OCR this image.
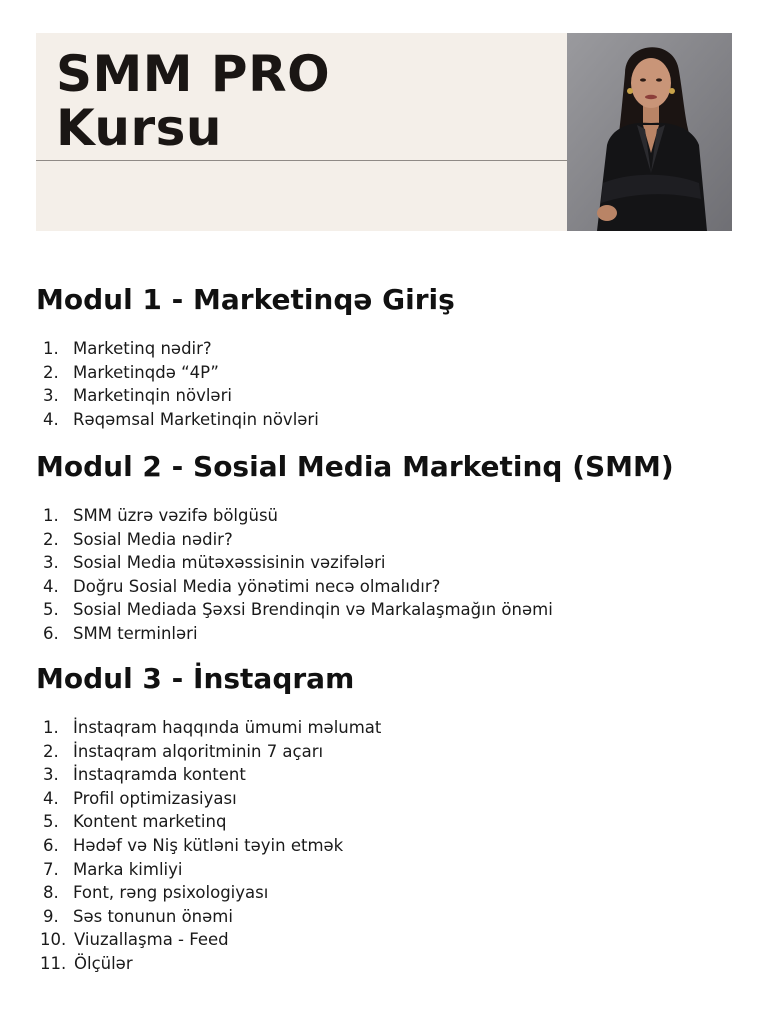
SMM PRO
Kursu
Modul 1 - Marketinqə Giriş
1. Marketinq nədir?
2. Marketinqdə “4P”
3. Marketinqin növləri
4. Rəqəmsal Marketinqin növləri
Modul 2 - Sosial Media Marketinq (SMM)
1. SMM üzrə vəzifə bölgüsü
2. Sosial Media nədir?
3. Sosial Media mütəxəssisinin vəzifələri
4. Doğru Sosial Media yönətimi necə olmalıdır?
5. Sosial Mediada Şəxsi Brendinqin və Markalaşmağın önəmi
6. SMM terminləri
Modul 3 - İnstaqram
1. İnstaqram haqqında ümumi məlumat
2. İnstaqram alqoritminin 7 açarı
3. İnstaqramda kontent
4. Profil optimizasiyası
5. Kontent marketinq
6. Hədəf və Niş kütləni təyin etmək
7. Marka kimliyi
8. Font, rəng psixologiyası
9. Səs tonunun önəmi
10. Viuzallaşma - Feed
11. Ölçülər
